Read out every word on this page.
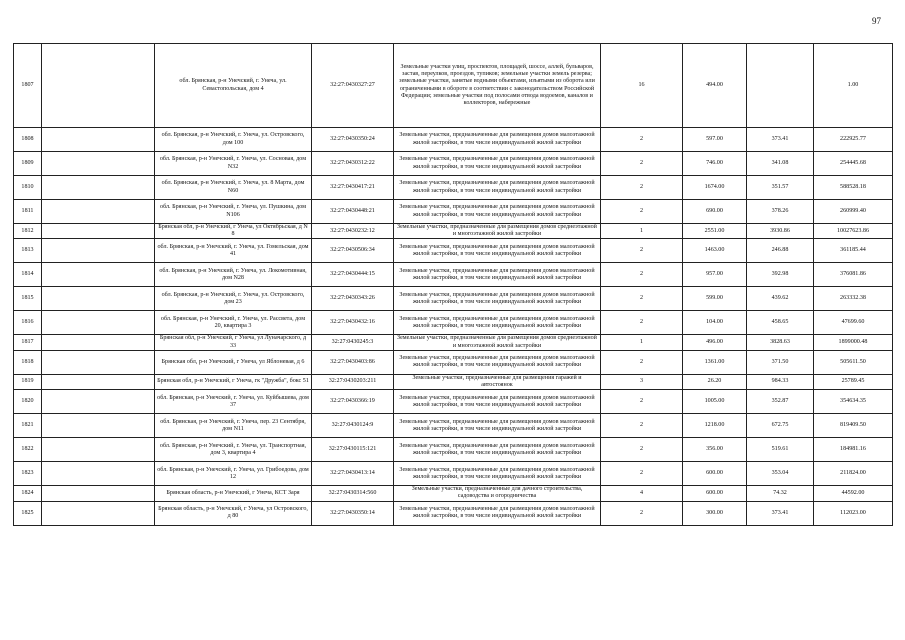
97
1807		обл. Брянская, р-н Унечский, г. Унеча, ул. Севастопольская, дом 4	32:27:0430327:27	Земельные участки улиц, проспектов, площадей, шоссе, аллей, бульваров, застав, переулков, проездов, тупиков; земельные участки земель резерва; земельные участки, занятые водными объектами, изъятыми из оборота или ограниченными в обороте в соответствии с законодательством Российской Федерации; земельные участки под полосами отвода водоемов, каналов и коллекторов, набережные	16	494.00		1.00
1808		обл. Брянская, р-н Унечский, г. Унеча, ул. Островского, дом 100	32:27:0430350:24	Земельные участки, предназначенные для размещения домов малоэтажной жилой застройки, в том числе индивидуальной жилой застройки	2	597.00	373.41	222925.77
1809		обл. Брянская, р-н Унечский, г. Унеча, ул. Сосновая, дом N32	32:27:0430312:22	Земельные участки, предназначенные для размещения домов малоэтажной жилой застройки, в том числе индивидуальной жилой застройки	2	746.00	341.08	254445.68
1810		обл. Брянская, р-н Унечский, г. Унеча, ул. 8 Марта, дом N60	32:27:0430417:21	Земельные участки, предназначенные для размещения домов малоэтажной жилой застройки, в том числе индивидуальной жилой застройки	2	1674.00	351.57	588528.18
1811		обл. Брянская, р-н Унечский, г. Унеча, ул. Пушкина, дом N106	32:27:0430448:21	Земельные участки, предназначенные для размещения домов малоэтажной жилой застройки, в том числе индивидуальной жилой застройки	2	690.00	378.26	260999.40
1812		Брянская обл, р-н Унечский, г Унеча, ул Октябрьская, д N 8	32:27:0430232:12	Земельные участки, предназначенные для размещения домов среднеэтажной и многоэтажной жилой застройки	1	2551.00	3930.86	10027623.86
1813		обл. Брянская, р-н Унечский, г. Унеча, ул. Гомельская, дом 41	32:27:0430506:34	Земельные участки, предназначенные для размещения домов малоэтажной жилой застройки, в том числе индивидуальной жилой застройки	2	1463.00	246.88	361185.44
1814		обл. Брянская, р-н Унечский, г. Унеча, ул. Локомотивная, дом N28	32:27:0430444:15	Земельные участки, предназначенные для размещения домов малоэтажной жилой застройки, в том числе индивидуальной жилой застройки	2	957.00	392.98	376081.86
1815		обл. Брянская, р-н Унечский, г. Унеча, ул. Островского, дом 23	32:27:0430343:26	Земельные участки, предназначенные для размещения домов малоэтажной жилой застройки, в том числе индивидуальной жилой застройки	2	599.00	439.62	263332.38
1816		обл. Брянская, р-н Унечский, г. Унеча, ул. Рассвета, дом 20, квартира 3	32:27:0430432:16	Земельные участки, предназначенные для размещения домов малоэтажной жилой застройки, в том числе индивидуальной жилой застройки	2	104.00	458.65	47699.60
1817		Брянская обл, р-н Унечский, г Унеча, ул Луначарского, д 33	32:27:0430245:3	Земельные участки, предназначенные для размещения домов среднеэтажной и многоэтажной жилой застройки	1	496.00	3828.63	1899000.48
1818		Брянская обл, р-н Унечский, г Унеча, ул Яблоневая, д 6	32:27:0430403:86	Земельные участки, предназначенные для размещения домов малоэтажной жилой застройки, в том числе индивидуальной жилой застройки	2	1361.00	371.50	505611.50
1819		Брянская обл, р-н Унечский, г Унеча, гк "Дружба", бокс 51	32:27:0430203:211	Земельные участки, предназначенные для размещения гаражей и автостоянок	3	26.20	984.33	25789.45
1820		обл. Брянская, р-н Унечский, г. Унеча, ул. Куйбышева, дом 37	32:27:0430366:19	Земельные участки, предназначенные для размещения домов малоэтажной жилой застройки, в том числе индивидуальной жилой застройки	2	1005.00	352.87	354634.35
1821		обл. Брянская, р-н Унечский, г. Унеча, пер. 23 Сентября, дом N11	32:27:0430124:9	Земельные участки, предназначенные для размещения домов малоэтажной жилой застройки, в том числе индивидуальной жилой застройки	2	1218.00	672.75	819409.50
1822		обл. Брянская, р-н Унечский, г. Унеча, ул. Транспортная, дом 3, квартира 4	32:27:0430115:121	Земельные участки, предназначенные для размещения домов малоэтажной жилой застройки, в том числе индивидуальной жилой застройки	2	356.00	519.61	184981.16
1823		обл. Брянская, р-н Унечский, г. Унеча, ул. Грибоедова, дом 12	32:27:0430413:14	Земельные участки, предназначенные для размещения домов малоэтажной жилой застройки, в том числе индивидуальной жилой застройки	2	600.00	353.04	211824.00
1824		Брянская область, р-н Унечский, г Унеча, КСТ Заря	32:27:0430314:560	Земельные участки, предназначенные для дачного строительства, садоводства и огородничества	4	600.00	74.32	44592.00
1825		Брянская область, р-н Унечский, г Унеча, ул Островского, д 80	32:27:0430350:14	Земельные участки, предназначенные для размещения домов малоэтажной жилой застройки, в том числе индивидуальной жилой застройки	2	300.00	373.41	112023.00
